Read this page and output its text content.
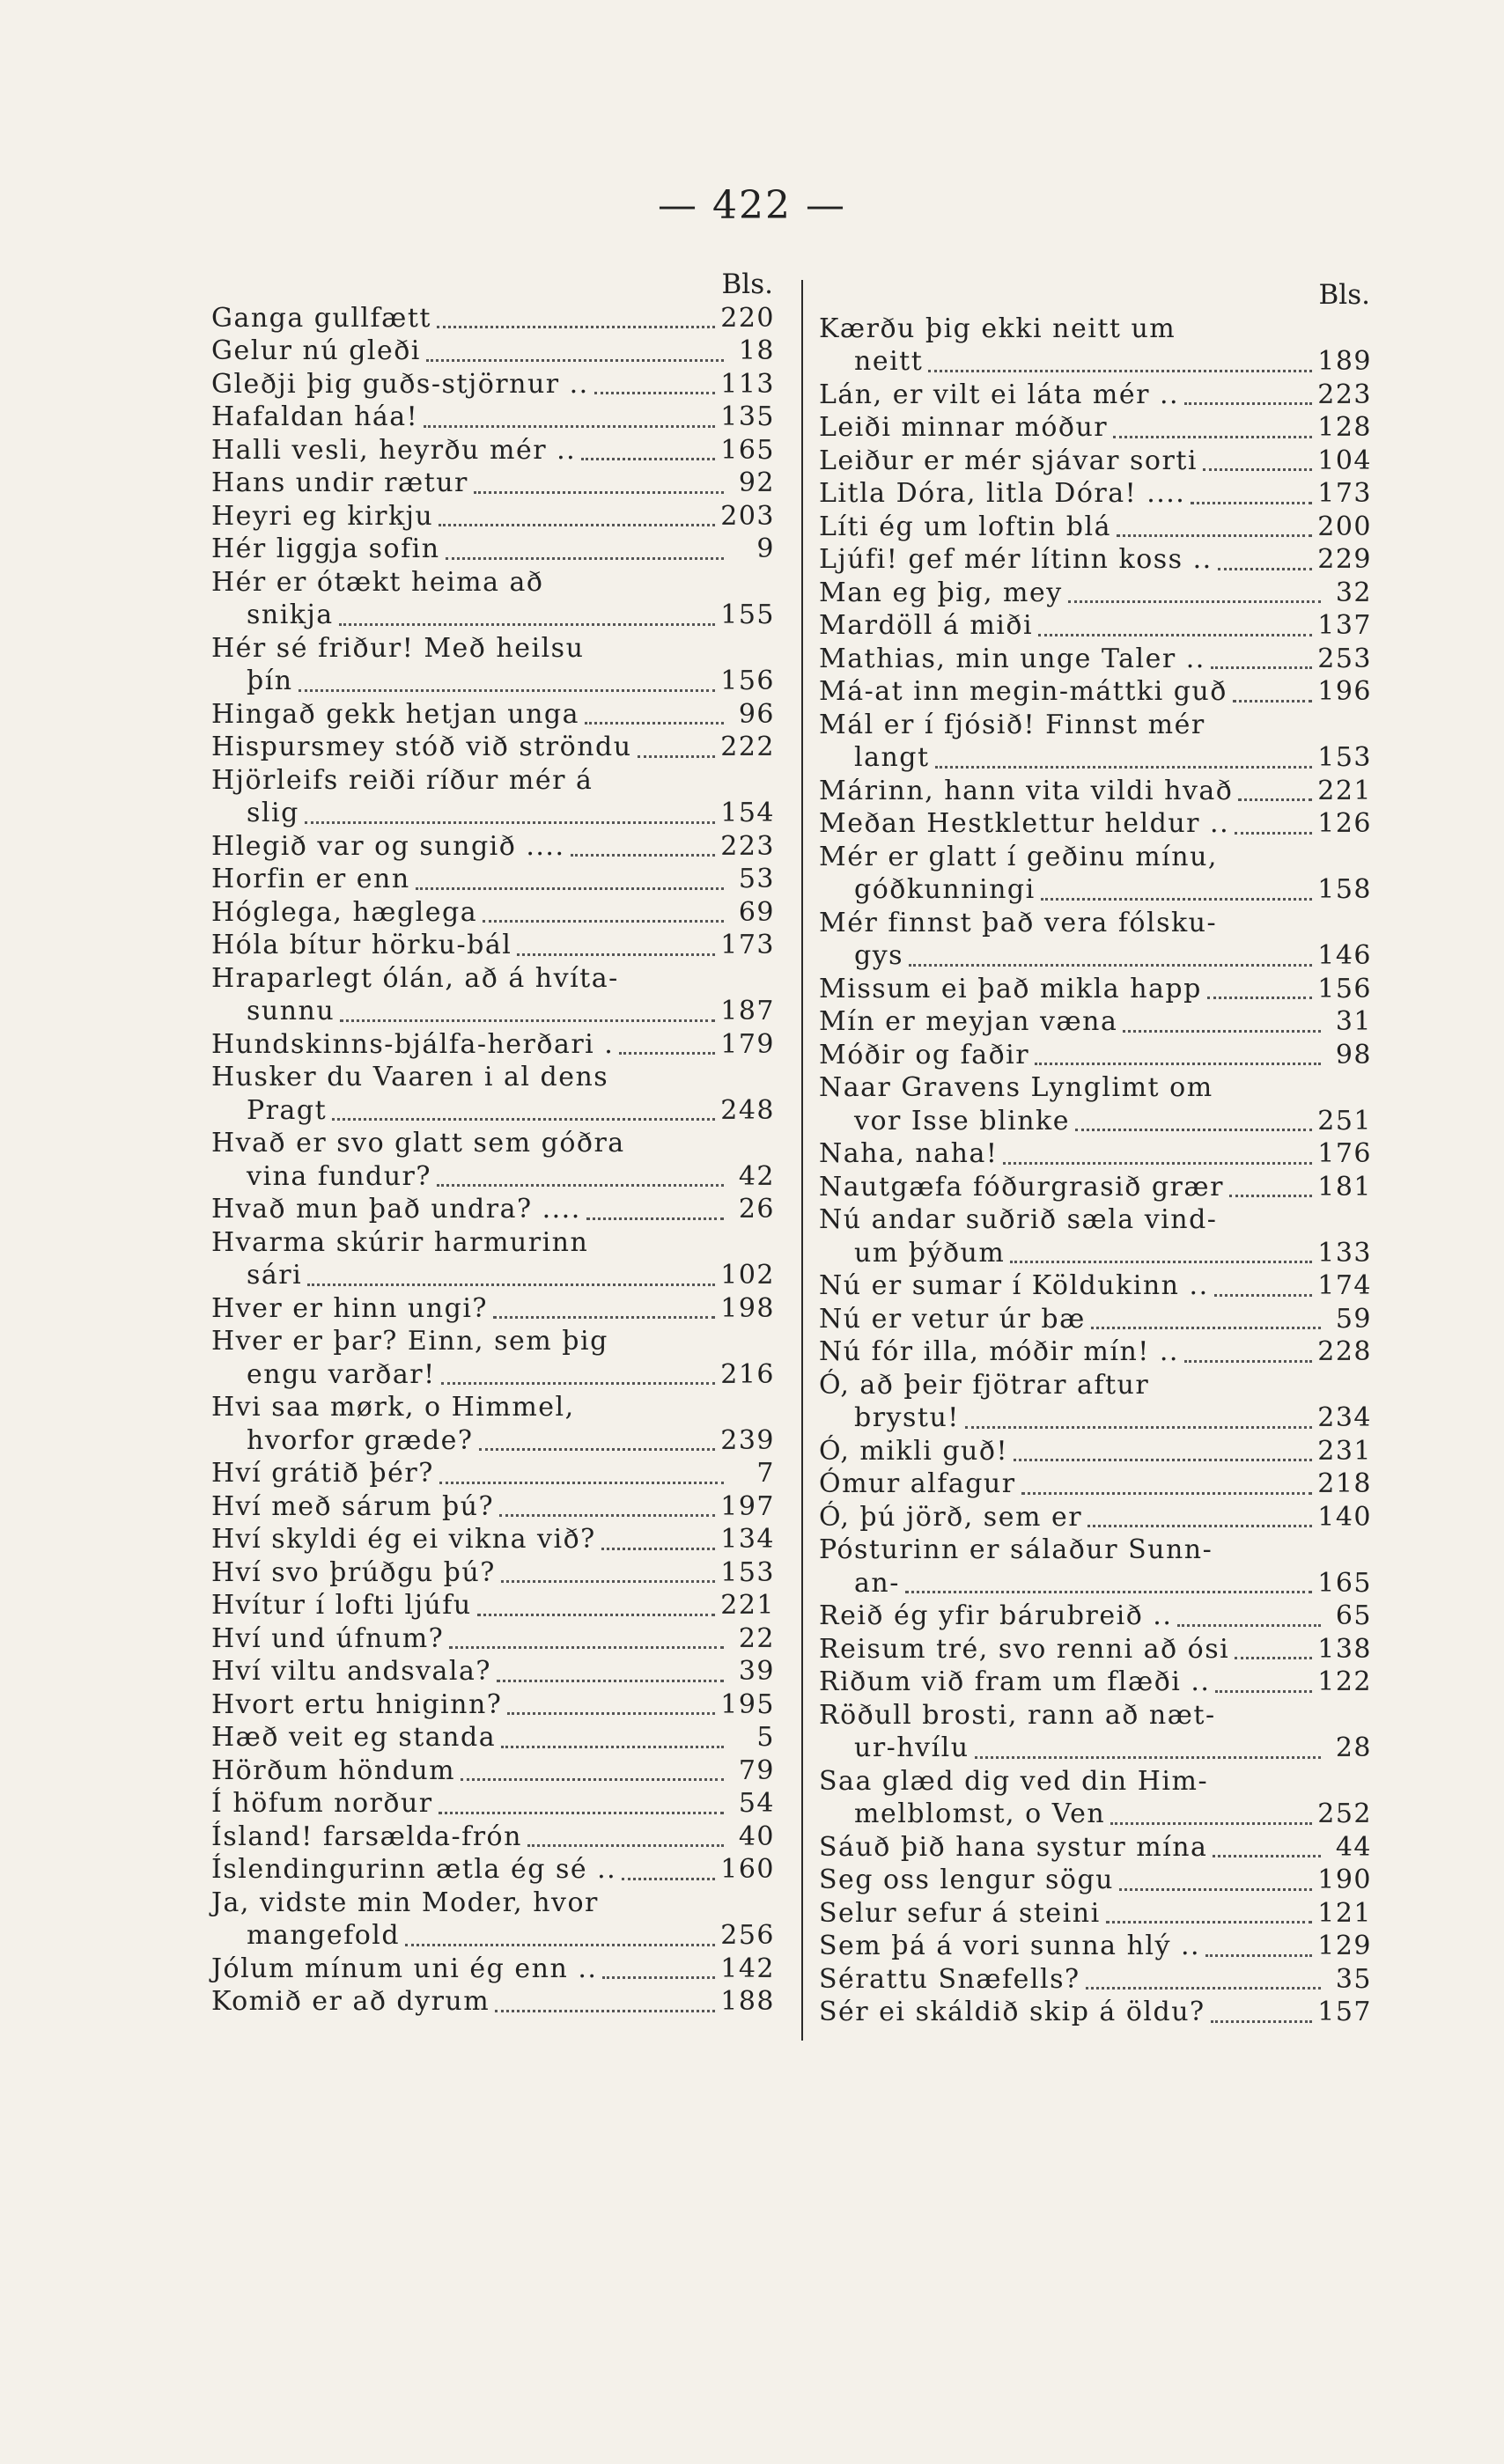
— 422 —
Bls.
Ganga gullfætt	220
Gelur nú gleði	18
Gleðji þig guðs-stjörnur ..	113
Hafaldan háa!	135
Halli vesli, heyrðu mér ..	165
Hans undir rætur	92
Heyri eg kirkju	203
Hér liggja sofin	9
Hér er ótækt heima að
snikja	155
Hér sé friður! Með heilsu
þín	156
Hingað gekk hetjan unga	96
Hispursmey stóð við ströndu	222
Hjörleifs reiði ríður mér á
slig	154
Hlegið var og sungið ....	223
Horfin er enn	53
Hóglega, hæglega	69
Hóla bítur hörku-bál	173
Hraparlegt ólán, að á hvíta-
sunnu	187
Hundskinns-bjálfa-herðari .	179
Husker du Vaaren i al dens
Pragt	248
Hvað er svo glatt sem góðra
vina fundur?	42
Hvað mun það undra? ....	26
Hvarma skúrir harmurinn
sári	102
Hver er hinn ungi?	198
Hver er þar? Einn, sem þig
engu varðar!	216
Hvi saa mørk, o Himmel,
hvorfor græde?	239
Hví grátið þér?	7
Hví með sárum þú?	197
Hví skyldi ég ei vikna við?	134
Hví svo þrúðgu þú?	153
Hvítur í lofti ljúfu	221
Hví und úfnum?	22
Hví viltu andsvala?	39
Hvort ertu hniginn?	195
Hæð veit eg standa	5
Hörðum höndum	79
Í höfum norður	54
Ísland! farsælda-frón	40
Íslendingurinn ætla ég sé ..	160
Ja, vidste min Moder, hvor
mangefold	256
Jólum mínum uni ég enn ..	142
Komið er að dyrum	188
Bls.
Kærðu þig ekki neitt um
neitt	189
Lán, er vilt ei láta mér ..	223
Leiði minnar móður	128
Leiður er mér sjávar sorti	104
Litla Dóra, litla Dóra! ....	173
Líti ég um loftin blá	200
Ljúfi! gef mér lítinn koss ..	229
Man eg þig, mey	32
Mardöll á miði	137
Mathias, min unge Taler ..	253
Má-at inn megin-máttki guð	196
Mál er í fjósið! Finnst mér
langt	153
Márinn, hann vita vildi hvað	221
Meðan Hestklettur heldur ..	126
Mér er glatt í geðinu mínu,
góðkunningi	158
Mér finnst það vera fólsku-
gys	146
Missum ei það mikla happ	156
Mín er meyjan væna	31
Móðir og faðir	98
Naar Gravens Lynglimt om
vor Isse blinke	251
Naha, naha!	176
Nautgæfa fóðurgrasið grær	181
Nú andar suðrið sæla vind-
um þýðum	133
Nú er sumar í Köldukinn ..	174
Nú er vetur úr bæ	59
Nú fór illa, móðir mín! ..	228
Ó, að þeir fjötrar aftur
brystu!	234
Ó, mikli guð!	231
Ómur alfagur	218
Ó, þú jörð, sem er	140
Pósturinn er sálaður Sunn-
an-	165
Reið ég yfir bárubreið ..	65
Reisum tré, svo renni að ósi	138
Riðum við fram um flæði ..	122
Röðull brosti, rann að næt-
ur-hvílu	28
Saa glæd dig ved din Him-
melblomst, o Ven	252
Sáuð þið hana systur mína	44
Seg oss lengur sögu	190
Selur sefur á steini	121
Sem þá á vori sunna hlý ..	129
Sérattu Snæfells?	35
Sér ei skáldið skip á öldu?	157
